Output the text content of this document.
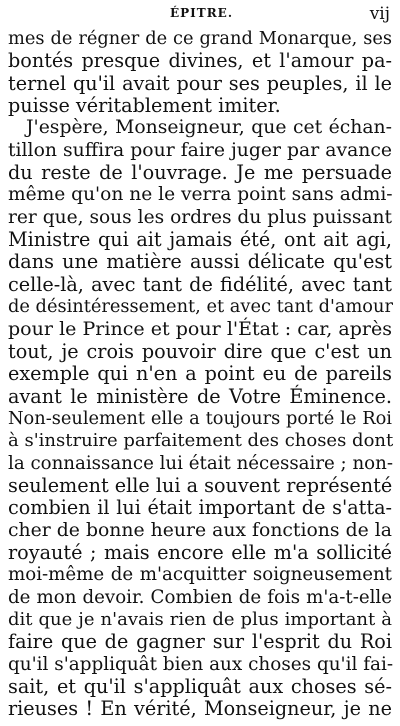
ÉPITRE.	vij
mes de régner de ce grand Monarque, ses
bontés presque divines, et l'amour pa-
ternel qu'il avait pour ses peuples, il le
puisse véritablement imiter.
J'espère, Monseigneur, que cet échan-
tillon suffira pour faire juger par avance
du reste de l'ouvrage. Je me persuade
même qu'on ne le verra point sans admi-
rer que, sous les ordres du plus puissant
Ministre qui ait jamais été, ont ait agi,
dans une matière aussi délicate qu'est
celle-là, avec tant de fidélité, avec tant
de désintéressement, et avec tant d'amour
pour le Prince et pour l'État : car, après
tout, je crois pouvoir dire que c'est un
exemple qui n'en a point eu de pareils
avant le ministère de Votre Éminence.
Non-seulement elle a toujours porté le Roi
à s'instruire parfaitement des choses dont
la connaissance lui était nécessaire ; non-
seulement elle lui a souvent représenté
combien il lui était important de s'atta-
cher de bonne heure aux fonctions de la
royauté ; mais encore elle m'a sollicité
moi-même de m'acquitter soigneusement
de mon devoir. Combien de fois m'a-t-elle
dit que je n'avais rien de plus important à
faire que de gagner sur l'esprit du Roi
qu'il s'appliquât bien aux choses qu'il fai-
sait, et qu'il s'appliquât aux choses sé-
rieuses ! En vérité, Monseigneur, je ne
